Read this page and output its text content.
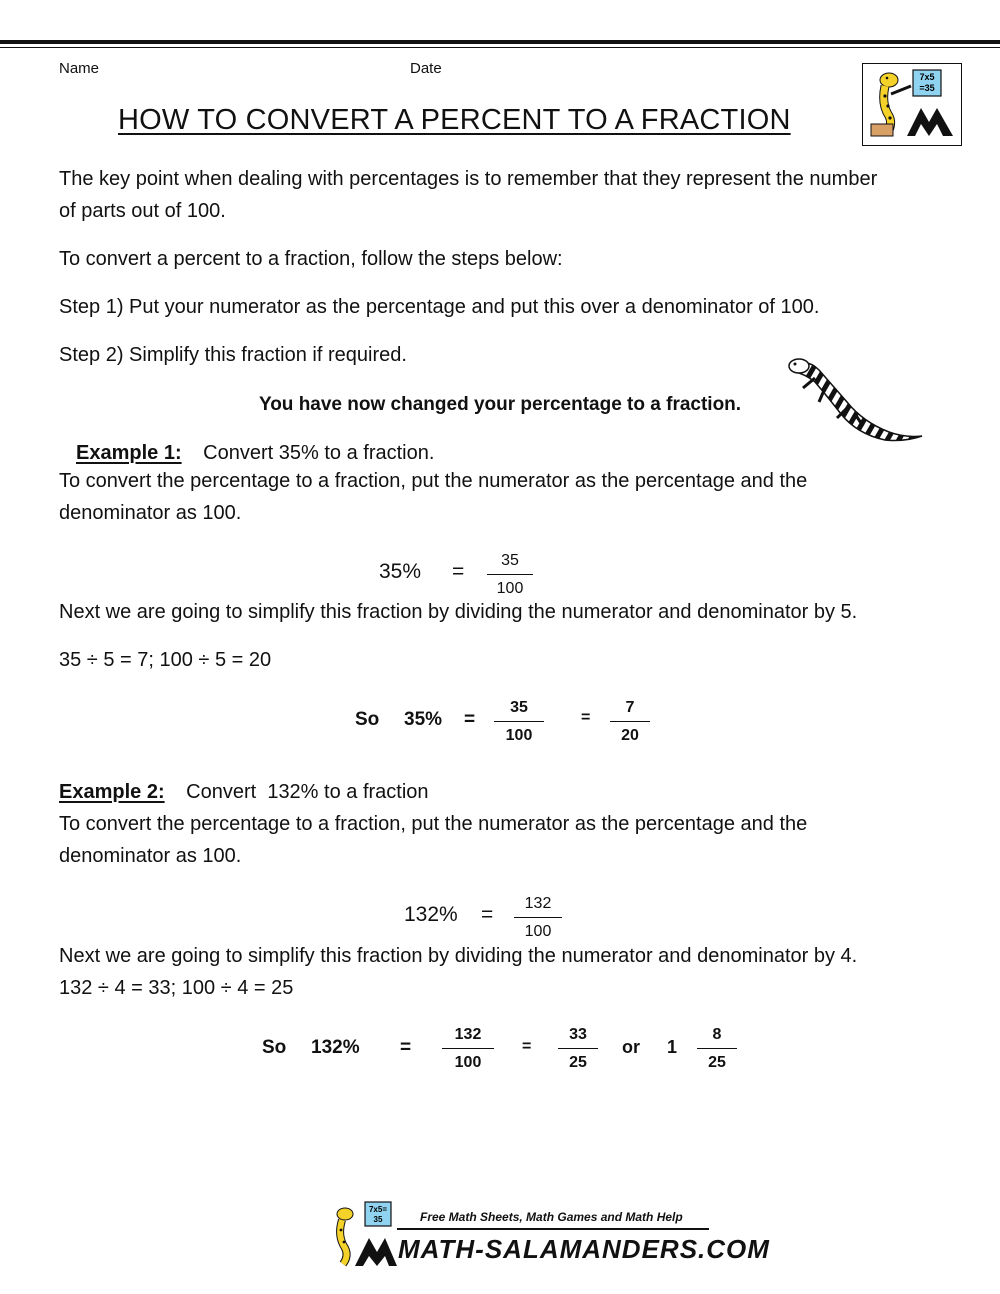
Name	Date
HOW TO CONVERT A PERCENT TO A FRACTION
7x5
=35
The key point when dealing with percentages is to remember that they represent the number
of parts out of 100.
To convert a percent to a fraction, follow the steps below:
Step 1) Put your numerator as the percentage and put this over a denominator of 100.
Step 2) Simplify this fraction if required.
You have now changed your percentage to a fraction.
Example 1: Convert 35% to a fraction.
To convert the percentage to a fraction, put the numerator as the percentage and the
denominator as 100.
35% =	35
100
Next we are going to simplify this fraction by dividing the numerator and denominator by 5.
35 ÷ 5 = 7; 100 ÷ 5 = 20
So 35% =
35
100
=
7
20
Example 2: Convert  132% to a fraction
To convert the percentage to a fraction, put the numerator as the percentage and the
denominator as 100.
132% =	132
100
Next we are going to simplify this fraction by dividing the numerator and denominator by 4.
132 ÷ 4 = 33; 100 ÷ 4 = 25
So 132% =
132
100
=
33
25
or 1
8
25
7x5=
35	Free Math Sheets, Math Games and Math Help
MATH-SALAMANDERS.COM
